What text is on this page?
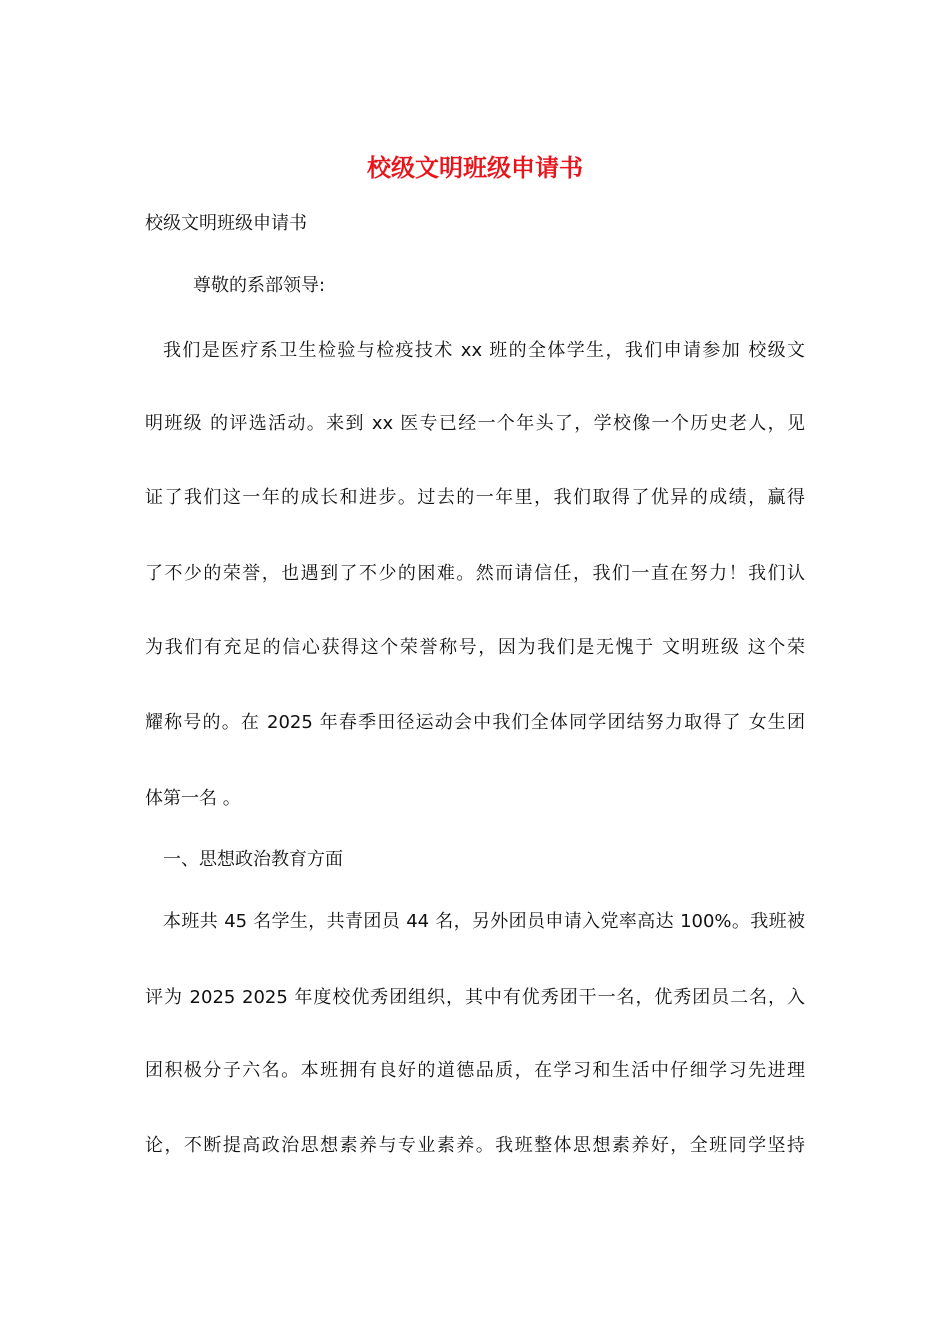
校级文明班级申请书

校级文明班级申请书

尊敬的系部领导:

我们是医疗系卫生检验与检疫技术 xx 班的全体学生，我们申请参加 校级文

明班级 的评选活动。来到 xx 医专已经一个年头了，学校像一个历史老人，见

证了我们这一年的成长和进步。过去的一年里，我们取得了优异的成绩，赢得

了不少的荣誉，也遇到了不少的困难。然而请信任，我们一直在努力！我们认

为我们有充足的信心获得这个荣誉称号，因为我们是无愧于 文明班级 这个荣

耀称号的。在 2025 年春季田径运动会中我们全体同学团结努力取得了 女生团

体第一名 。

一、思想政治教育方面

本班共 45 名学生，共青团员 44 名，另外团员申请入党率高达 100%。我班被

评为 2025 2025 年度校优秀团组织，其中有优秀团干一名，优秀团员二名，入

团积极分子六名。本班拥有良好的道德品质，在学习和生活中仔细学习先进理

论，不断提高政治思想素养与专业素养。我班整体思想素养好，全班同学坚持
